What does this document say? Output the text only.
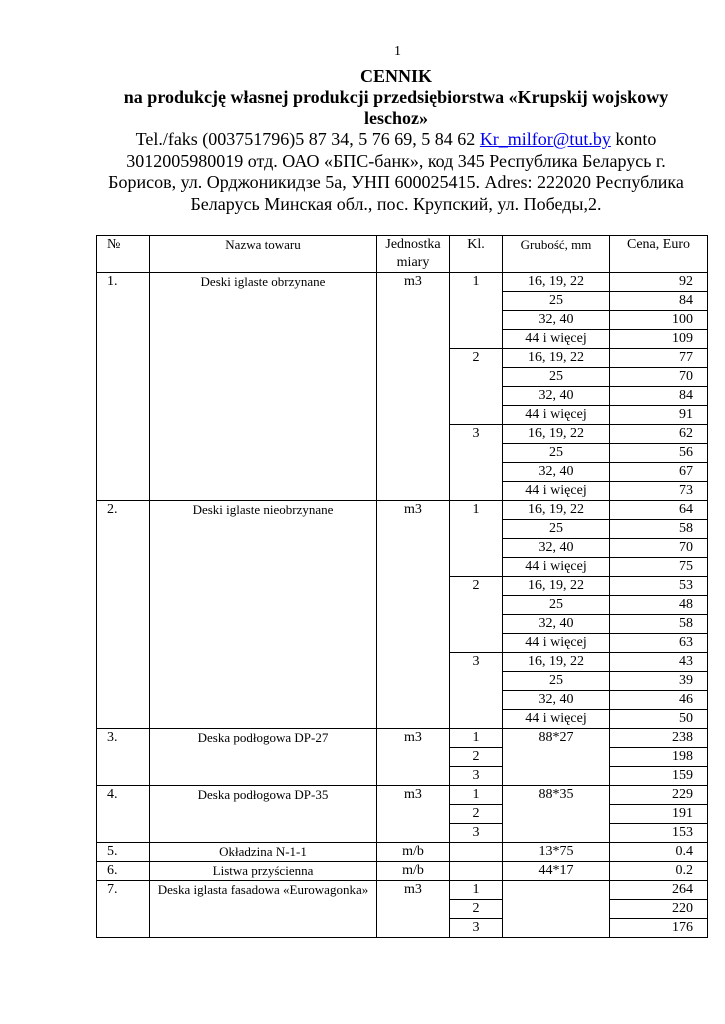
1
CENNIK
na produkcję własnej produkcji przedsiębiorstwa «Krupskij wojskowy leschoz»
Tel./faks (003751796)5 87 34, 5 76 69, 5 84 62 Kr_milfor@tut.by konto 3012005980019 отд. ОАО «БПС-банк», код 345 Республика Беларусь г. Борисов, ул. Орджоникидзе 5а, УНП 600025415. Adres: 222020 Республика Беларусь Минская обл., пос. Крупский, ул. Победы,2.
№	Nazwa towaru	Jednostka miary	Kl.	Grubość, mm	Cena, Euro
1.	Deski iglaste obrzynane	m3	1	16, 19, 22	92
				25	84
				32, 40	100
				44 i więcej	109
			2	16, 19, 22	77
				25	70
				32, 40	84
				44 i więcej	91
			3	16, 19, 22	62
				25	56
				32, 40	67
				44 i więcej	73
2.	Deski iglaste nieobrzynane	m3	1	16, 19, 22	64
				25	58
				32, 40	70
				44 i więcej	75
			2	16, 19, 22	53
				25	48
				32, 40	58
				44 i więcej	63
			3	16, 19, 22	43
				25	39
				32, 40	46
				44 i więcej	50
3.	Deska podłogowa DP-27	m3	1	88*27	238
			2		198
			3		159
4.	Deska podłogowa DP-35	m3	1	88*35	229
			2		191
			3		153
5.	Okładzina N-1-1	m/b		13*75	0.4
6.	Listwa przyścienna	m/b		44*17	0.2
7.	Deska iglasta fasadowa «Eurowagonka»	m3	1		264
			2		220
			3		176
